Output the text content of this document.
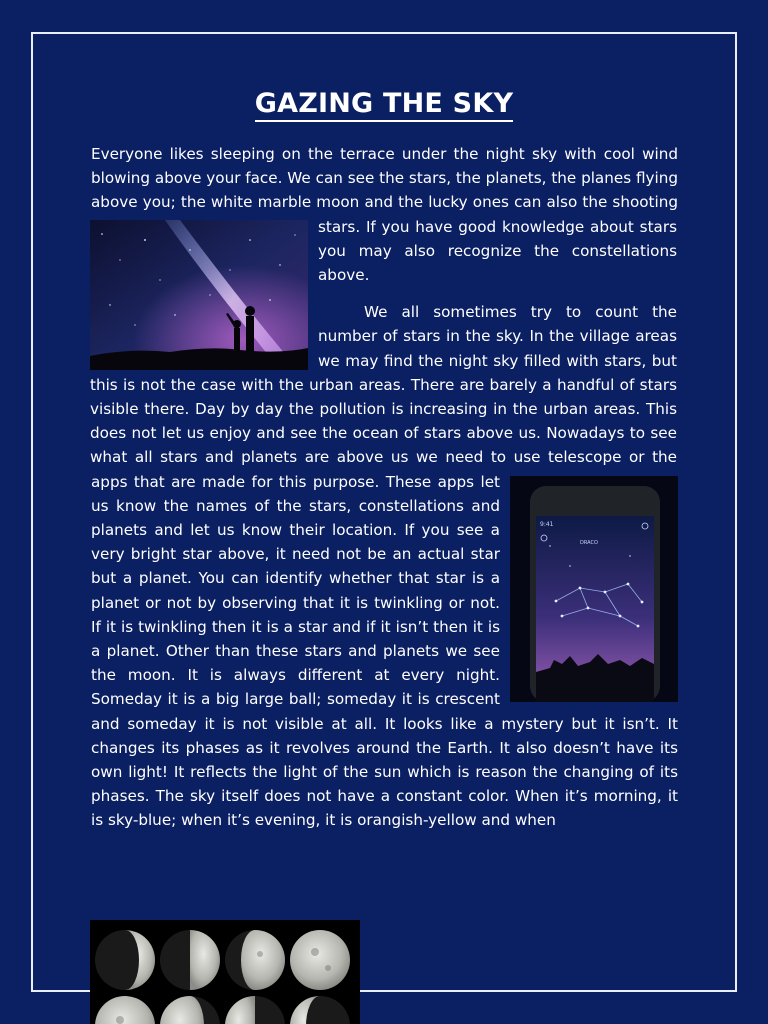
GAZING THE SKY
9:41
DRACO

Everyone likes sleeping on the terrace under the night sky with cool wind blowing above your face. We can see the stars, the planets, the planes flying above you; the white marble moon and the lucky ones can also the shooting stars. If you have good knowledge about stars you may also recognize the constellations above.

We all sometimes try to count the number of stars in the sky. In the village areas we may find the night sky filled with stars, but this is not the case with the urban areas. There are barely a handful of stars visible there. Day by day the pollution is increasing in the urban areas. This does not let us enjoy and see the ocean of stars above us. Nowadays to see what all stars and planets are above us we need to use telescope or the apps that are made for this purpose. These apps let us know the names of the stars, constellations and planets and let us know their location. If you see a very bright star above, it need not be an actual star but a planet. You can identify whether that star is a planet or not by observing that it is twinkling or not. If it is twinkling then it is a star and if it isn’t then it is a planet. Other than these stars and planets we see the moon. It is always different at every night. Someday it is a big large ball; someday it is crescent and someday it is not visible at all. It looks like a mystery but it isn’t. It changes its phases as it revolves around the Earth. It also doesn’t have its own light! It reflects the light of the sun which is reason the changing of its phases. The sky itself does not have a constant color. When it’s morning, it is sky-blue; when it’s evening, it is orangish-yellow and when
